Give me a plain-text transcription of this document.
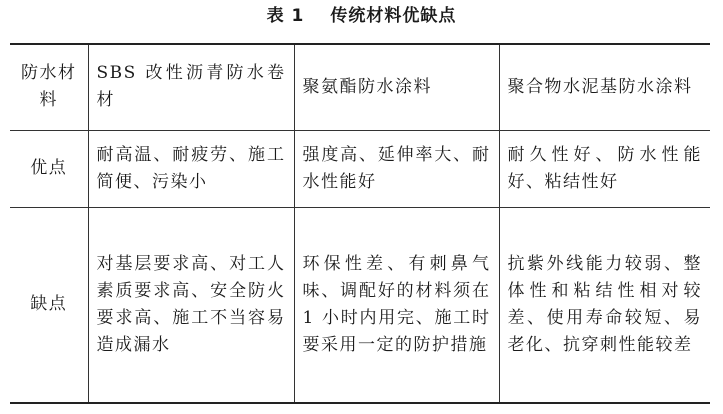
表 1 传统材料优缺点
防水材料	SBS 改性沥青防水卷材	聚氨酯防水涂料	聚合物水泥基防水涂料
优点	耐高温、耐疲劳、施工简便、污染小	强度高、延伸率大、耐水性能好	耐久性好、防水性能好、粘结性好
缺点	对基层要求高、对工人素质要求高、安全防火要求高、施工不当容易造成漏水	环保性差、有刺鼻气味、调配好的材料须在 1 小时内用完、施工时要采用一定的防护措施	抗紫外线能力较弱、整体性和粘结性相对较差、使用寿命较短、易老化、抗穿刺性能较差
